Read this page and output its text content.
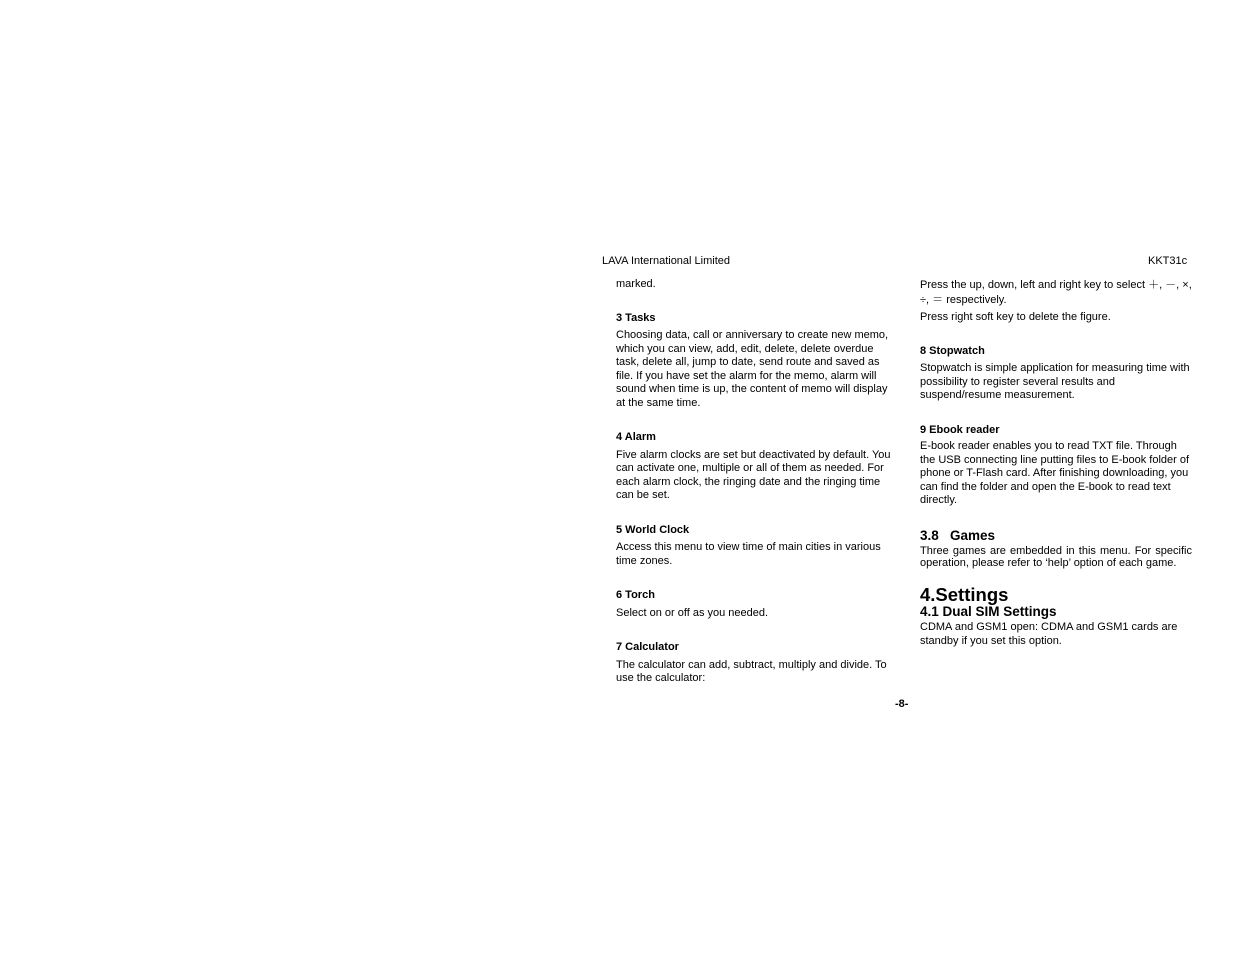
LAVA International Limited	KKT31c

marked.

3 Tasks

Choosing data, call or anniversary to create new memo, which you can view, add, edit, delete, delete overdue task, delete all, jump to date, send route and saved as file. If you have set the alarm for the memo, alarm will sound when time is up, the content of memo will display at the same time.

4 Alarm

Five alarm clocks are set but deactivated by default. You can activate one, multiple or all of them as needed. For each alarm clock, the ringing date and the ringing time can be set.

5 World Clock

Access this menu to view time of main cities in various time zones.

6 Torch

Select on or off as you needed.

7 Calculator

The calculator can add, subtract, multiply and divide. To use the calculator:

Press the up, down, left and right key to select ＋, －, ×, ÷, ＝ respectively.

Press right soft key to delete the figure.

8 Stopwatch

Stopwatch is simple application for measuring time with possibility to register several results and suspend/resume measurement.

9 Ebook reader

E-book reader enables you to read TXT file. Through the USB connecting line putting files to E-book folder of phone or T-Flash card. After finishing downloading, you can find the folder and open the E-book to read text directly.

3.8   Games

Three games are embedded in this menu. For specific operation, please refer to ‘help’ option of each game.

4.Settings

4.1 Dual SIM Settings

CDMA and GSM1 open: CDMA and GSM1 cards are standby if you set this option.

-8-
